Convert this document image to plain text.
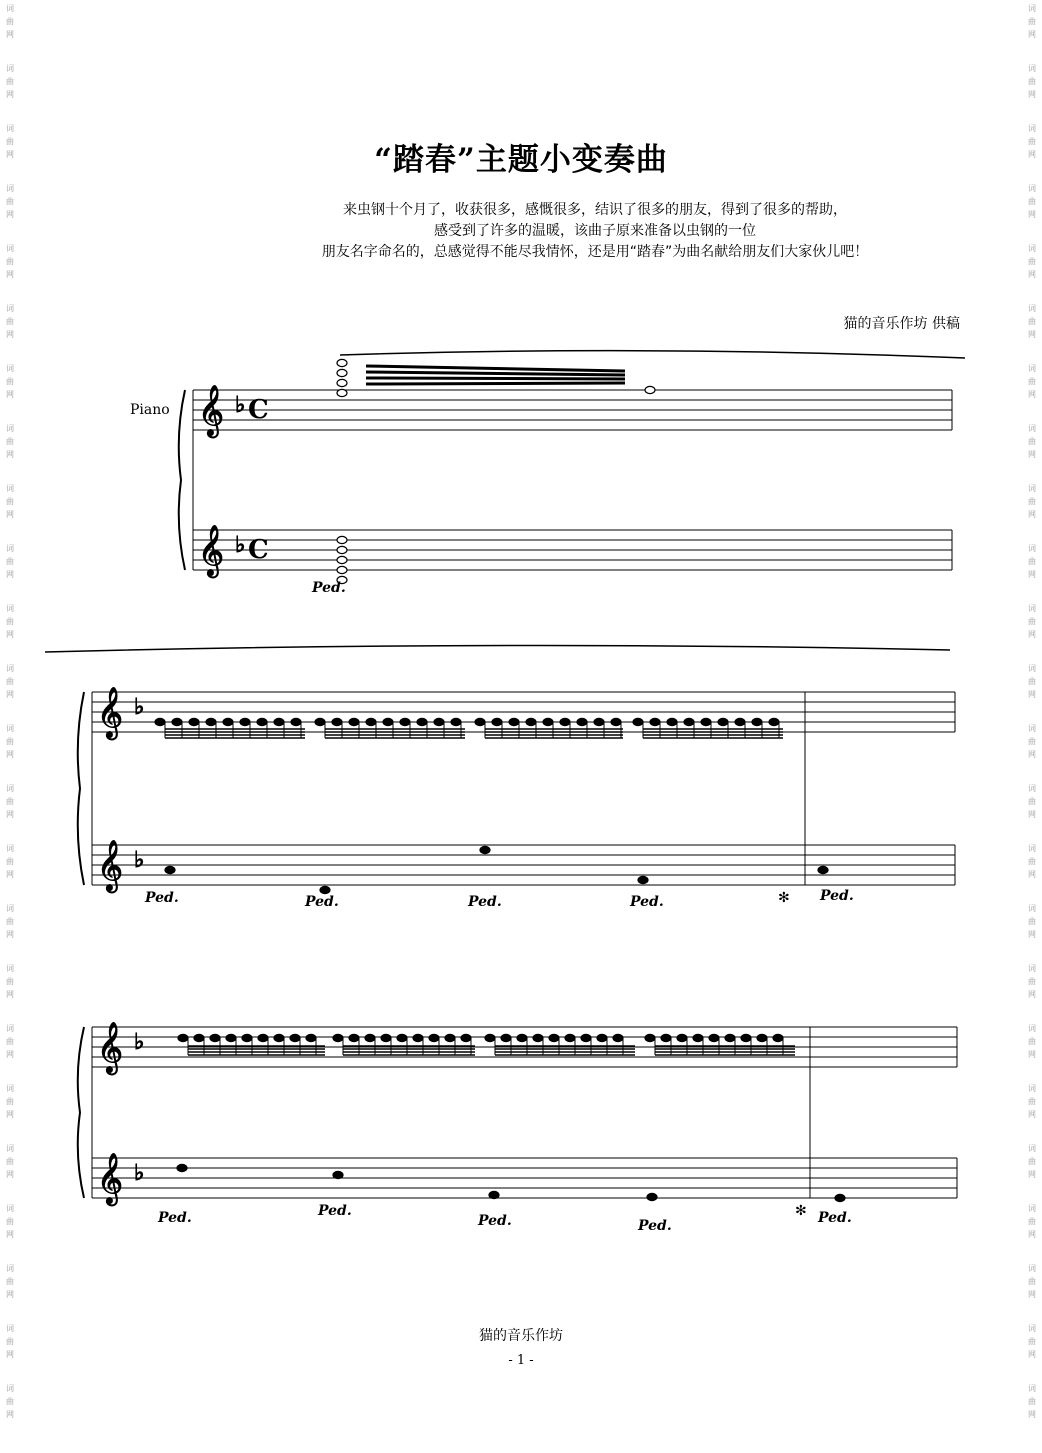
“踏春”主题小变奏曲
来虫钢十个月了，收获很多，感慨很多，结识了很多的朋友，得到了很多的帮助，
感受到了许多的温暖，该曲子原来准备以虫钢的一位
朋友名字命名的，总感觉得不能尽我情怀，还是用“踏春”为曲名献给朋友们大家伙儿吧！
猫的音乐作坊 供稿
𝄞 ♭
𝄞 ♭
𝄞 ♭
𝄞 ♭
𝄞 ♭
𝄞 ♭
Piano	C
C
Ped.
Ped.	Ped.	Ped.	Ped.	Ped.
Ped.	Ped.
Ped.	Ped.	Ped.
✻
✻
猫的音乐作坊
- 1 -
词
曲
网
词
曲
网
词
曲
网
词
曲
网
词
曲
网
词
曲
网
词
曲
网
词
曲
网
词
曲
网
词
曲
网
词
曲
网
词
曲
网
词
曲
网
词
曲
网
词
曲
网
词
曲
网
词
曲
网
词
曲
网
词
曲
网
词
曲
网
词
曲
网
词
曲
网
词
曲
网
词
曲
网
词
曲
网
词
曲
网
词
曲
网
词
曲
网
词
曲
网
词
曲
网
词
曲
网
词
曲
网
词
曲
网
词
曲
网
词
曲
网
词
曲
网
词
曲
网
词
曲
网
词
曲
网
词
曲
网
词
曲
网
词
曲
网
词
曲
网
词
曲
网
词
曲
网
词
曲
网
词
曲
网
词
曲
网
